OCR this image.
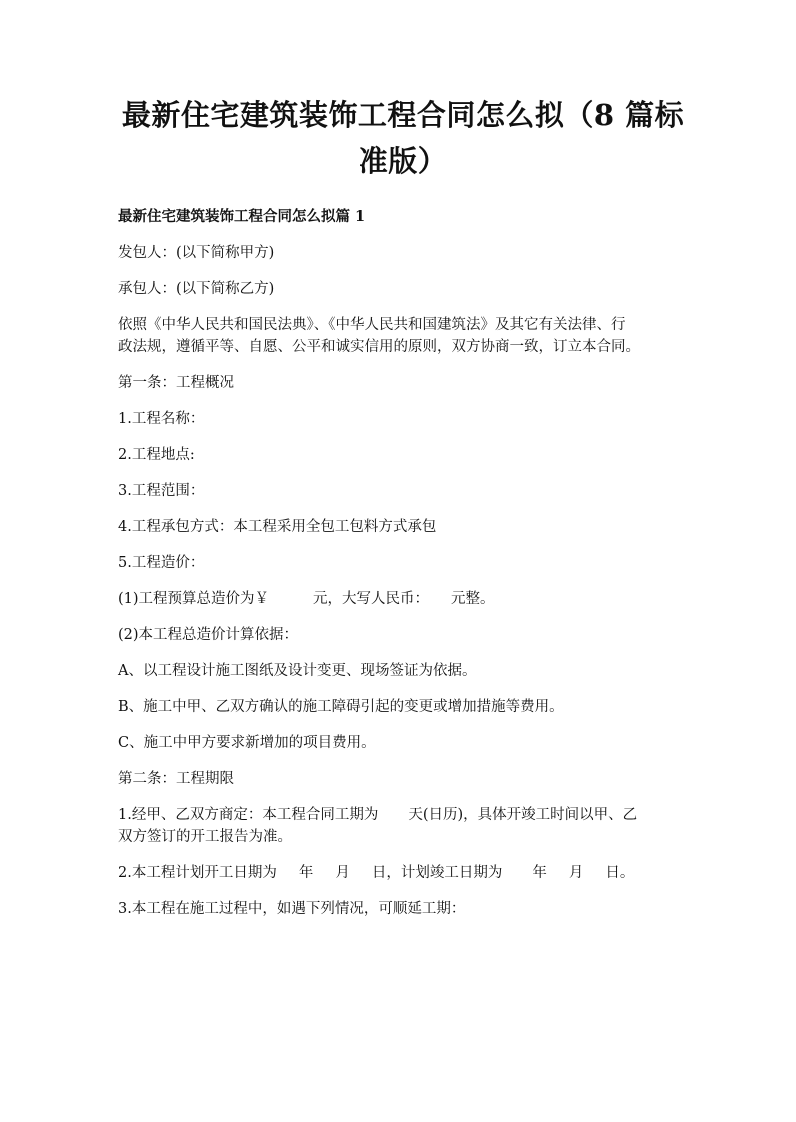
最新住宅建筑装饰工程合同怎么拟（8 篇标
准版）

最新住宅建筑装饰工程合同怎么拟篇 1

发包人：(以下简称甲方)

承包人：(以下简称乙方)

依照《中华人民共和国民法典》、《中华人民共和国建筑法》及其它有关法律、行
政法规，遵循平等、自愿、公平和诚实信用的原则，双方协商一致，订立本合同。

第一条：工程概况

1.工程名称：

2.工程地点:

3.工程范围：

4.工程承包方式：本工程采用全包工包料方式承包

5.工程造价：

(1)工程预算总造价为￥	元，大写人民币： 元整。

(2)本工程总造价计算依据：

A、以工程设计施工图纸及设计变更、现场签证为依据。

B、施工中甲、乙双方确认的施工障碍引起的变更或增加措施等费用。

C、施工中甲方要求新增加的项目费用。

第二条：工程期限

1.经甲、乙双方商定：本工程合同工期为 天(日历)，具体开竣工时间以甲、乙
双方签订的开工报告为准。

2.本工程计划开工日期为 年 月 日，计划竣工日期为 年 月 日。

3.本工程在施工过程中，如遇下列情况，可顺延工期：
